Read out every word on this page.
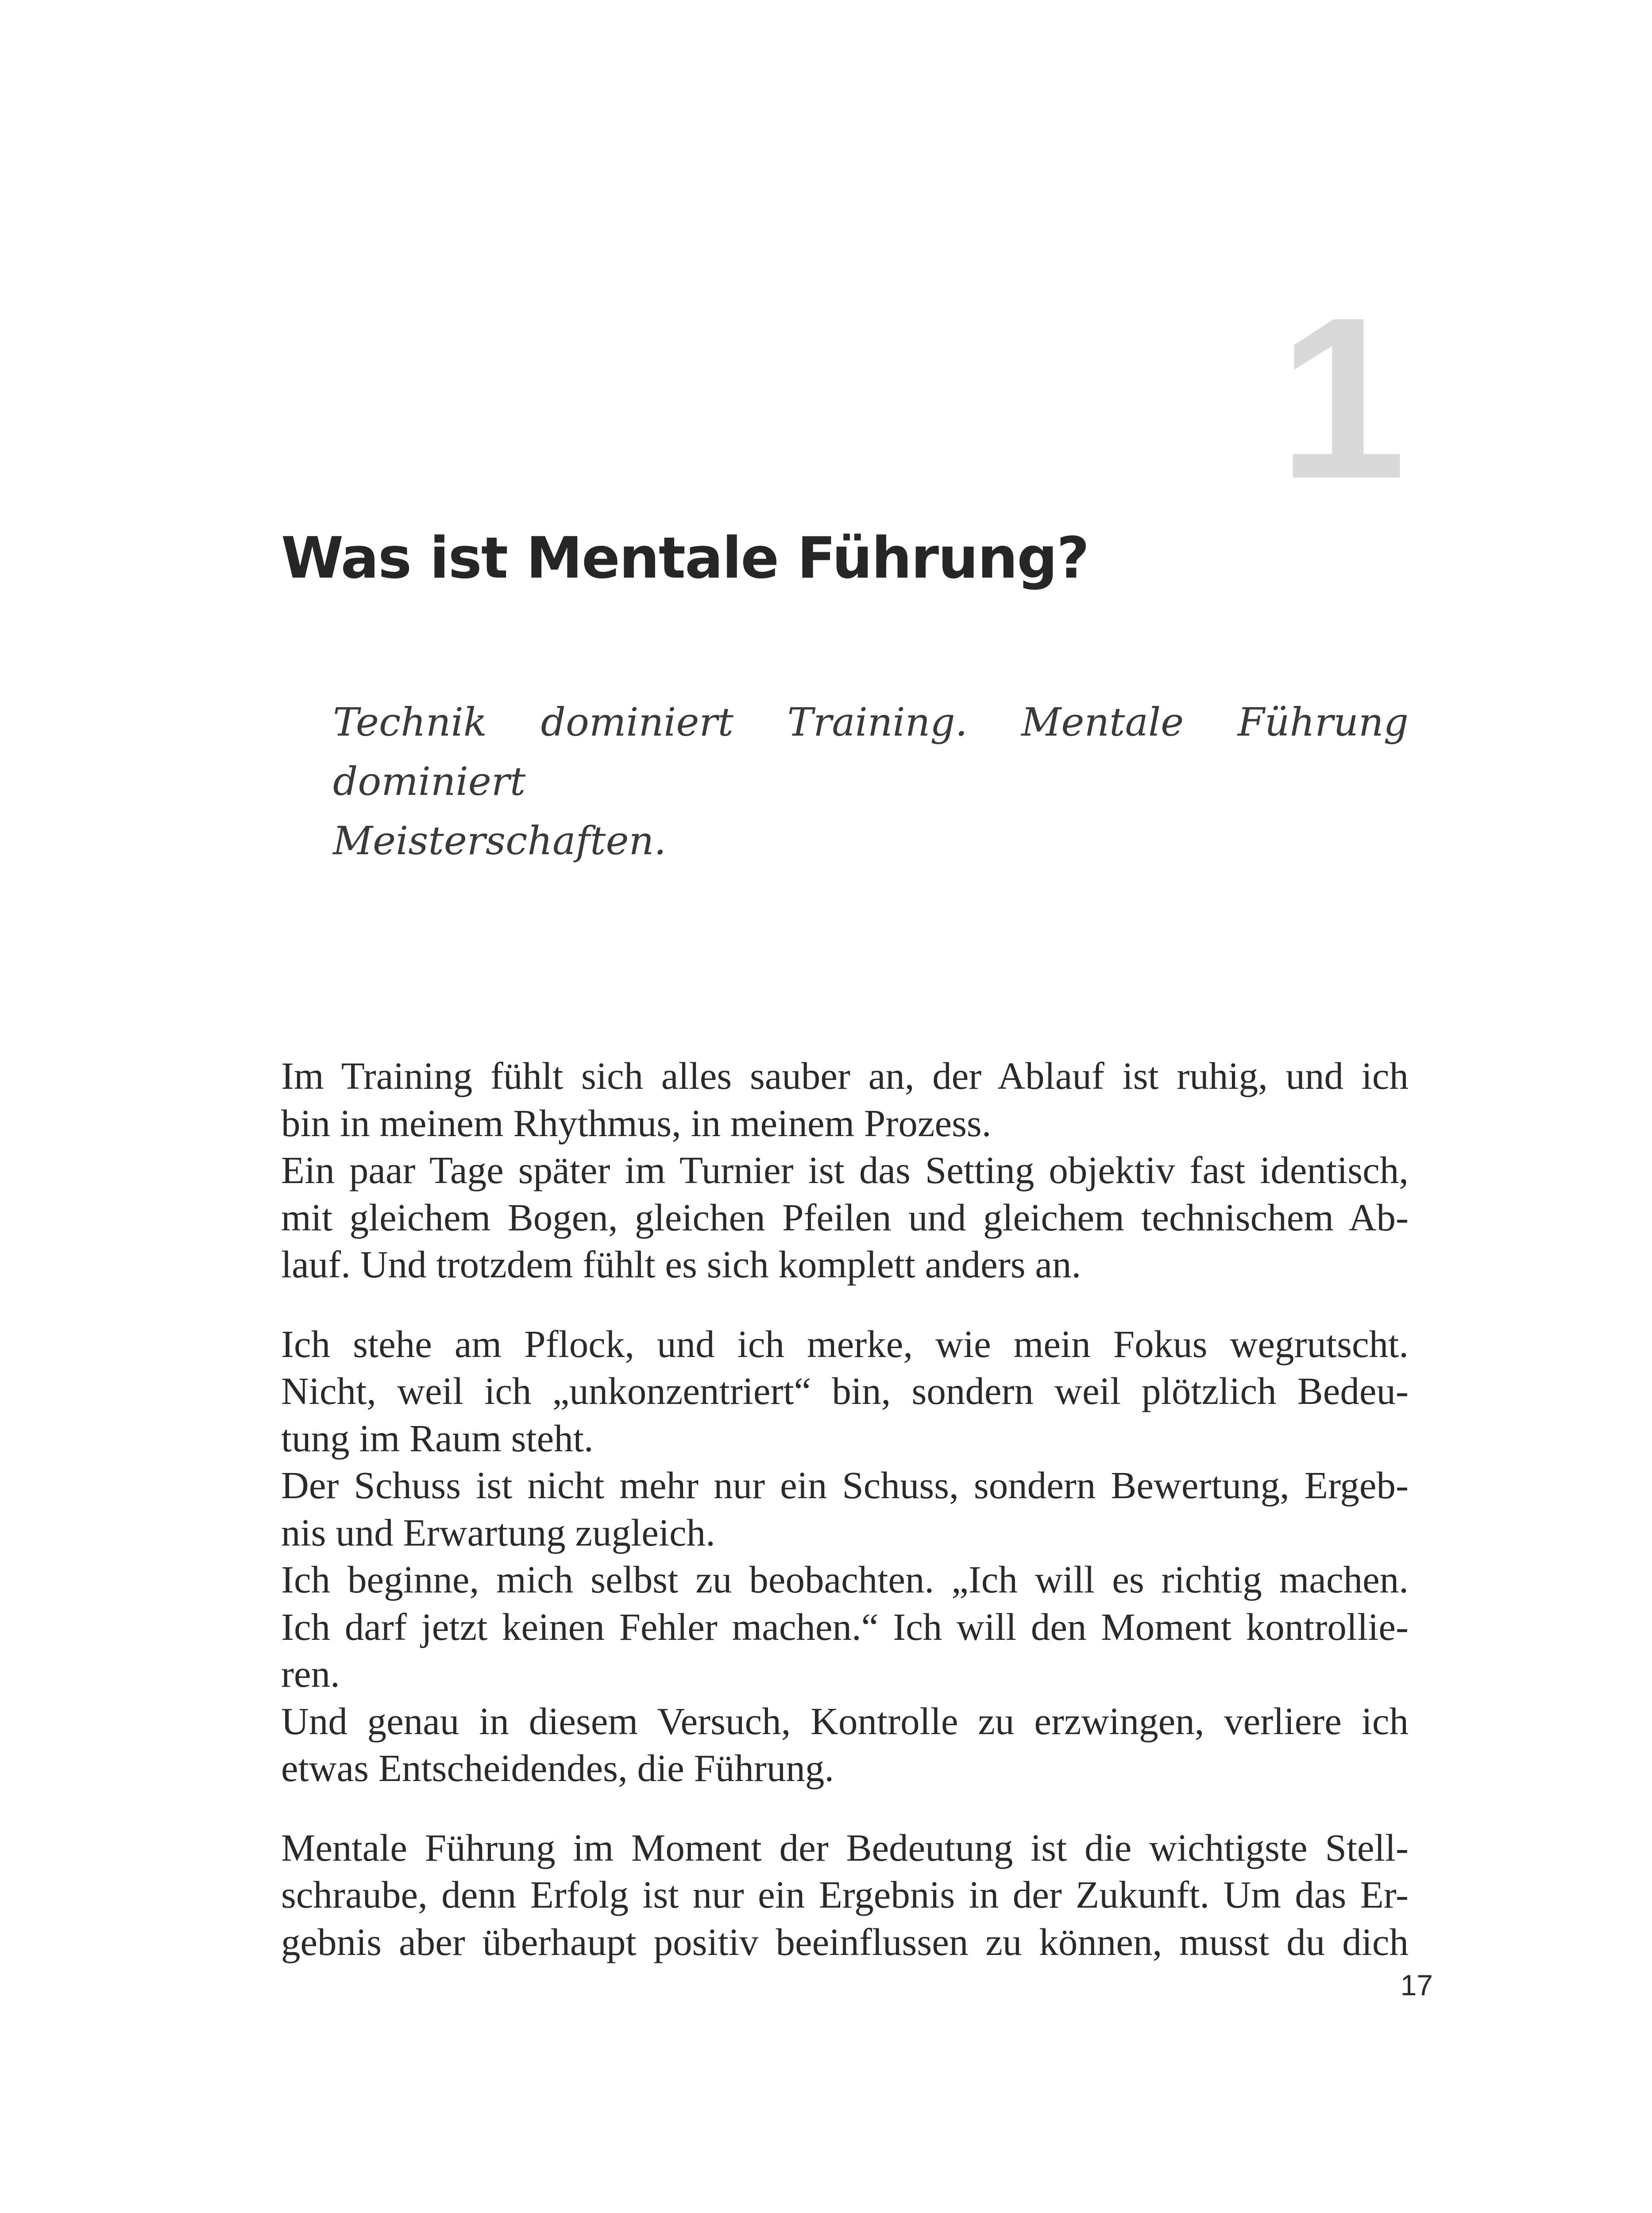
1
Was ist Mentale Führung?
Technik dominiert Training. Mentale Führung dominiert
Meisterschaften.

Im Training fühlt sich alles sauber an, der Ablauf ist ruhig, und ich

bin in meinem Rhythmus, in meinem Prozess.

Ein paar Tage später im Turnier ist das Setting objektiv fast identisch,

mit gleichem Bogen, gleichen Pfeilen und gleichem technischem Ab-

lauf. Und trotzdem fühlt es sich komplett anders an.

Ich stehe am Pflock, und ich merke, wie mein Fokus wegrutscht.

Nicht, weil ich „unkonzentriert“ bin, sondern weil plötzlich Bedeu-

tung im Raum steht.

Der Schuss ist nicht mehr nur ein Schuss, sondern Bewertung, Ergeb-

nis und Erwartung zugleich.

Ich beginne, mich selbst zu beobachten. „Ich will es richtig machen.

Ich darf jetzt keinen Fehler machen.“ Ich will den Moment kontrollie-

ren.

Und genau in diesem Versuch, Kontrolle zu erzwingen, verliere ich

etwas Entscheidendes, die Führung.

Mentale Führung im Moment der Bedeutung ist die wichtigste Stell-

schraube, denn Erfolg ist nur ein Ergebnis in der Zukunft. Um das Er-

gebnis aber überhaupt positiv beeinflussen zu können, musst du dich

17
